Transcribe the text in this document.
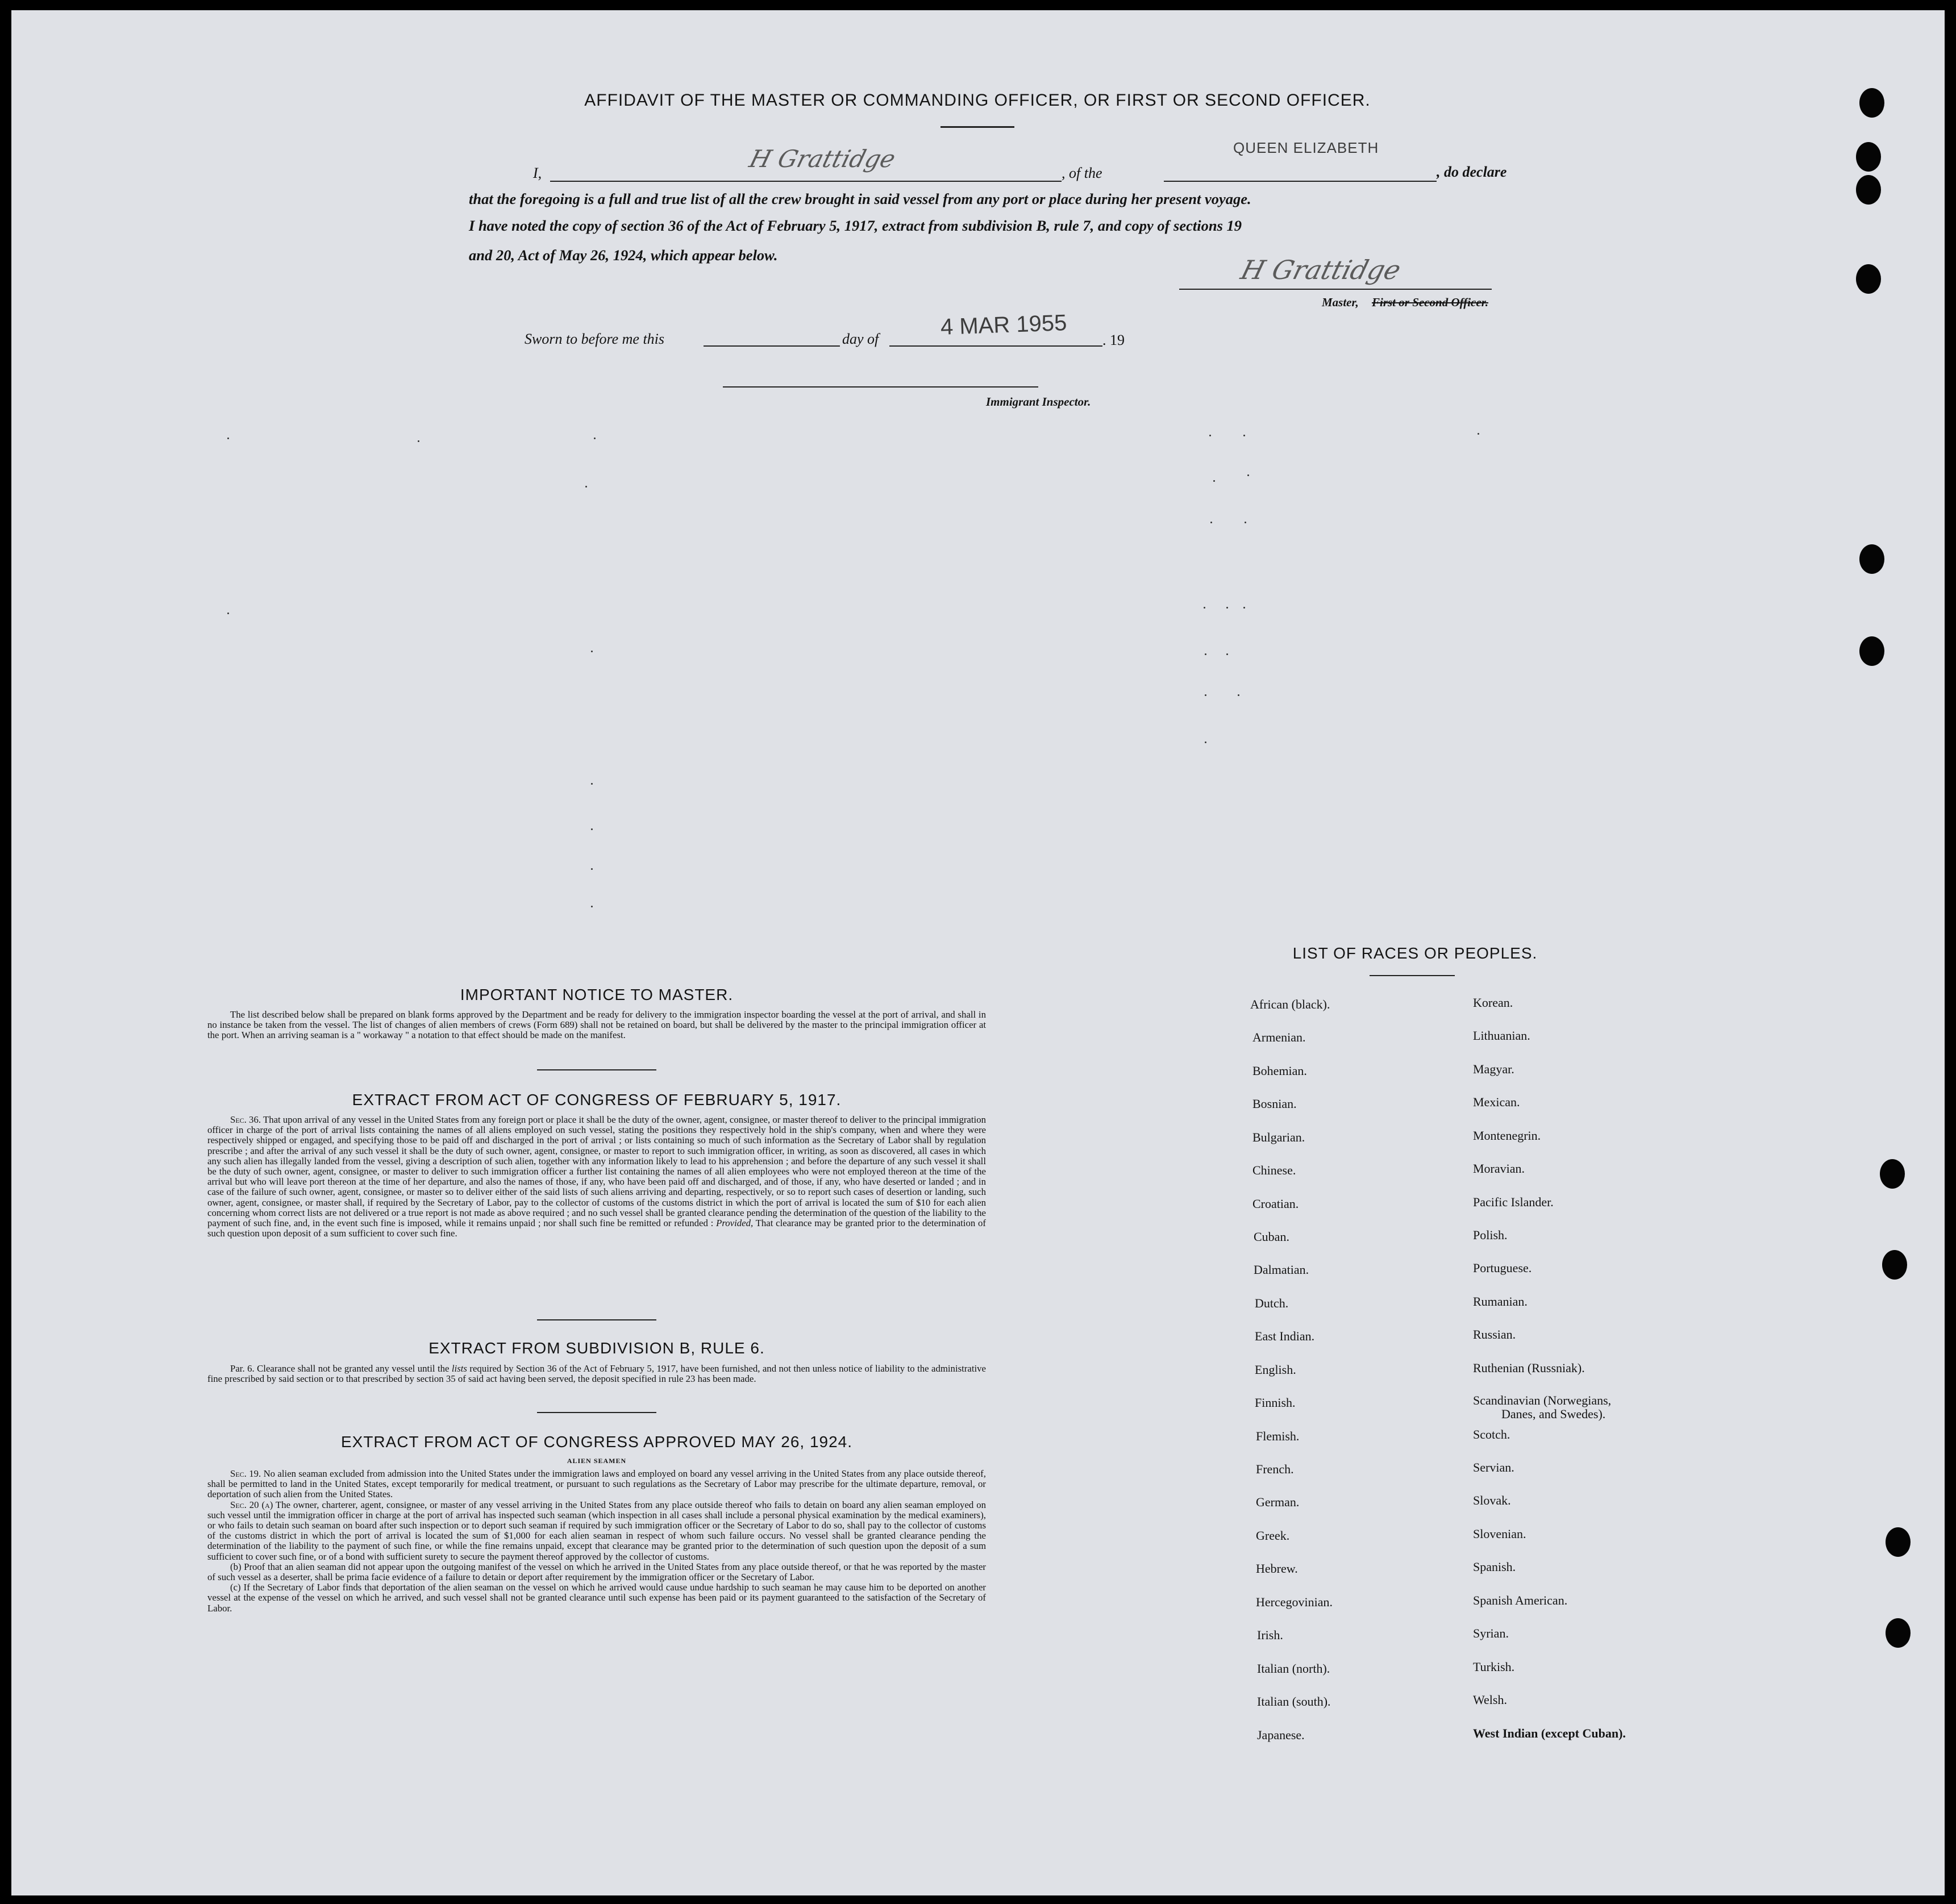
AFFIDAVIT OF THE MASTER OR COMMANDING OFFICER, OR FIRST OR SECOND OFFICER.
I,
H Grattidge
, of the
QUEEN ELIZABETH
, do declare
that the foregoing is a full and true list of all the crew brought in said vessel from any port or place during her present voyage.
I have noted the copy of section 36 of the Act of February 5, 1917, extract from subdivision B, rule 7, and copy of sections 19
and 20, Act of May 26, 1924, which appear below.	H Grattidge
Master, First or Second Officer.
Sworn to before me this	day of	4 MAR 1955
. 19
Immigrant Inspector.
IMPORTANT NOTICE TO MASTER.

The list described below shall be prepared on blank forms approved by the Department and be ready for delivery to the immigration inspector boarding the vessel at the port of arrival, and shall in no instance be taken from the vessel. The list of changes of alien members of crews (Form 689) shall not be retained on board, but shall be delivered by the master to the principal immigration officer at the port. When an arriving seaman is a " workaway " a notation to that effect should be made on the manifest.

EXTRACT FROM ACT OF CONGRESS OF FEBRUARY 5, 1917.

Sec. 36. That upon arrival of any vessel in the United States from any foreign port or place it shall be the duty of the owner, agent, consignee, or master thereof to deliver to the principal immigration officer in charge of the port of arrival lists containing the names of all aliens employed on such vessel, stating the positions they respectively hold in the ship's company, when and where they were respectively shipped or engaged, and specifying those to be paid off and discharged in the port of arrival ; or lists containing so much of such information as the Secretary of Labor shall by regulation prescribe ; and after the arrival of any such vessel it shall be the duty of such owner, agent, consignee, or master to report to such immigration officer, in writing, as soon as discovered, all cases in which any such alien has illegally landed from the vessel, giving a description of such alien, together with any information likely to lead to his apprehension ; and before the departure of any such vessel it shall be the duty of such owner, agent, consignee, or master to deliver to such immigration officer a further list containing the names of all alien employees who were not employed thereon at the time of the arrival but who will leave port thereon at the time of her departure, and also the names of those, if any, who have been paid off and discharged, and of those, if any, who have deserted or landed ; and in case of the failure of such owner, agent, consignee, or master so to deliver either of the said lists of such aliens arriving and departing, respectively, or so to report such cases of desertion or landing, such owner, agent, consignee, or master shall, if required by the Secretary of Labor, pay to the collector of customs of the customs district in which the port of arrival is located the sum of $10 for each alien concerning whom correct lists are not delivered or a true report is not made as above required ; and no such vessel shall be granted clearance pending the determination of the question of the liability to the payment of such fine, and, in the event such fine is imposed, while it remains unpaid ; nor shall such fine be remitted or refunded : Provided, That clearance may be granted prior to the determination of such question upon deposit of a sum sufficient to cover such fine.

EXTRACT FROM SUBDIVISION B, RULE 6.

Par. 6. Clearance shall not be granted any vessel until the lists required by Section 36 of the Act of February 5, 1917, have been furnished, and not then unless notice of liability to the administrative fine prescribed by said section or to that prescribed by section 35 of said act having been served, the deposit specified in rule 23 has been made.

EXTRACT FROM ACT OF CONGRESS APPROVED MAY 26, 1924.
ALIEN SEAMEN

Sec. 19. No alien seaman excluded from admission into the United States under the immigration laws and employed on board any vessel arriving in the United States from any place outside thereof, shall be permitted to land in the United States, except temporarily for medical treatment, or pursuant to such regulations as the Secretary of Labor may prescribe for the ultimate departure, removal, or deportation of such alien from the United States.

Sec. 20 (a) The owner, charterer, agent, consignee, or master of any vessel arriving in the United States from any place outside thereof who fails to detain on board any alien seaman employed on such vessel until the immigration officer in charge at the port of arrival has inspected such seaman (which inspection in all cases shall include a personal physical examination by the medical examiners), or who fails to detain such seaman on board after such inspection or to deport such seaman if required by such immigration officer or the Secretary of Labor to do so, shall pay to the collector of customs of the customs district in which the port of arrival is located the sum of $1,000 for each alien seaman in respect of whom such failure occurs. No vessel shall be granted clearance pending the determination of the liability to the payment of such fine, or while the fine remains unpaid, except that clearance may be granted prior to the determination of such question upon the deposit of a sum sufficient to cover such fine, or of a bond with sufficient surety to secure the payment thereof approved by the collector of customs.

(b) Proof that an alien seaman did not appear upon the outgoing manifest of the vessel on which he arrived in the United States from any place outside thereof, or that he was reported by the master of such vessel as a deserter, shall be prima facie evidence of a failure to detain or deport after requirement by the immigration officer or the Secretary of Labor.

(c) If the Secretary of Labor finds that deportation of the alien seaman on the vessel on which he arrived would cause undue hardship to such seaman he may cause him to be deported on another vessel at the expense of the vessel on which he arrived, and such vessel shall not be granted clearance until such expense has been paid or its payment guaranteed to the satisfaction of the Secretary of Labor.

LIST OF RACES OR PEOPLES.
African (black).
Armenian.
Bohemian.
Bosnian.
Bulgarian.
Chinese.
Croatian.
Cuban.
Dalmatian.
Dutch.
East Indian.
English.
Finnish.
Flemish.
French.
German.
Greek.
Hebrew.
Hercegovinian.
Irish.
Italian (north).
Italian (south).
Japanese.
Korean.
Lithuanian.
Magyar.
Mexican.
Montenegrin.
Moravian.
Pacific Islander.
Polish.
Portuguese.
Rumanian.
Russian.
Ruthenian (Russniak).
Scandinavian (Norwegians,
Danes, and Swedes).
Scotch.
Servian.
Slovak.
Slovenian.
Spanish.
Spanish American.
Syrian.
Turkish.
Welsh.
West Indian (except Cuban).
